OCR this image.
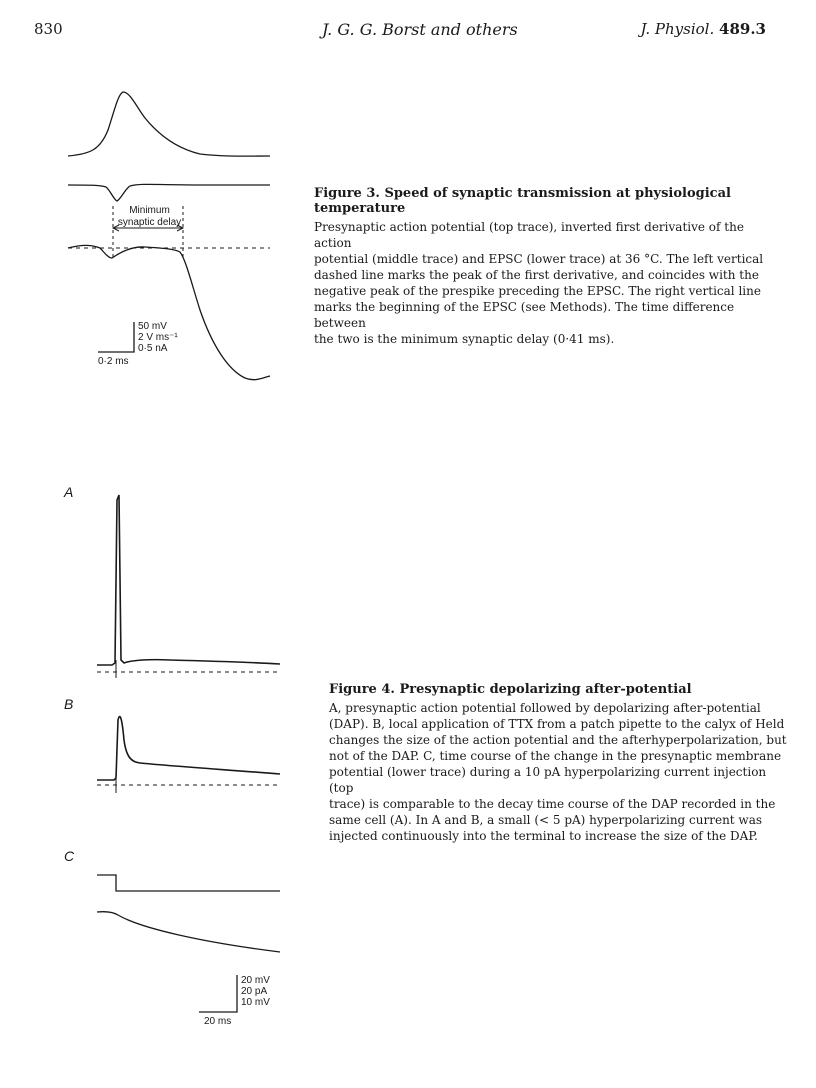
830	J. G. G. Borst and others	J. Physiol. 489.3
Minimum
synaptic delay
50 mV
2 V ms⁻¹
0·5 nA
0·2 ms
Figure 3. Speed of synaptic transmission at physiological temperature
Presynaptic action potential (top trace), inverted first derivative of the action
potential (middle trace) and EPSC (lower trace) at 36 °C. The left vertical
dashed line marks the peak of the first derivative, and coincides with the
negative peak of the prespike preceding the EPSC. The right vertical line
marks the beginning of the EPSC (see Methods). The time difference between
the two is the minimum synaptic delay (0·41 ms).
A
B
C
20 mV
20 pA
10 mV
20 ms
Figure 4. Presynaptic depolarizing after-potential
A, presynaptic action potential followed by depolarizing after-potential
(DAP). B, local application of TTX from a patch pipette to the calyx of Held
changes the size of the action potential and the afterhyperpolarization, but
not of the DAP. C, time course of the change in the presynaptic membrane
potential (lower trace) during a 10 pA hyperpolarizing current injection (top
trace) is comparable to the decay time course of the DAP recorded in the
same cell (A). In A and B, a small (< 5 pA) hyperpolarizing current was
injected continuously into the terminal to increase the size of the DAP.
